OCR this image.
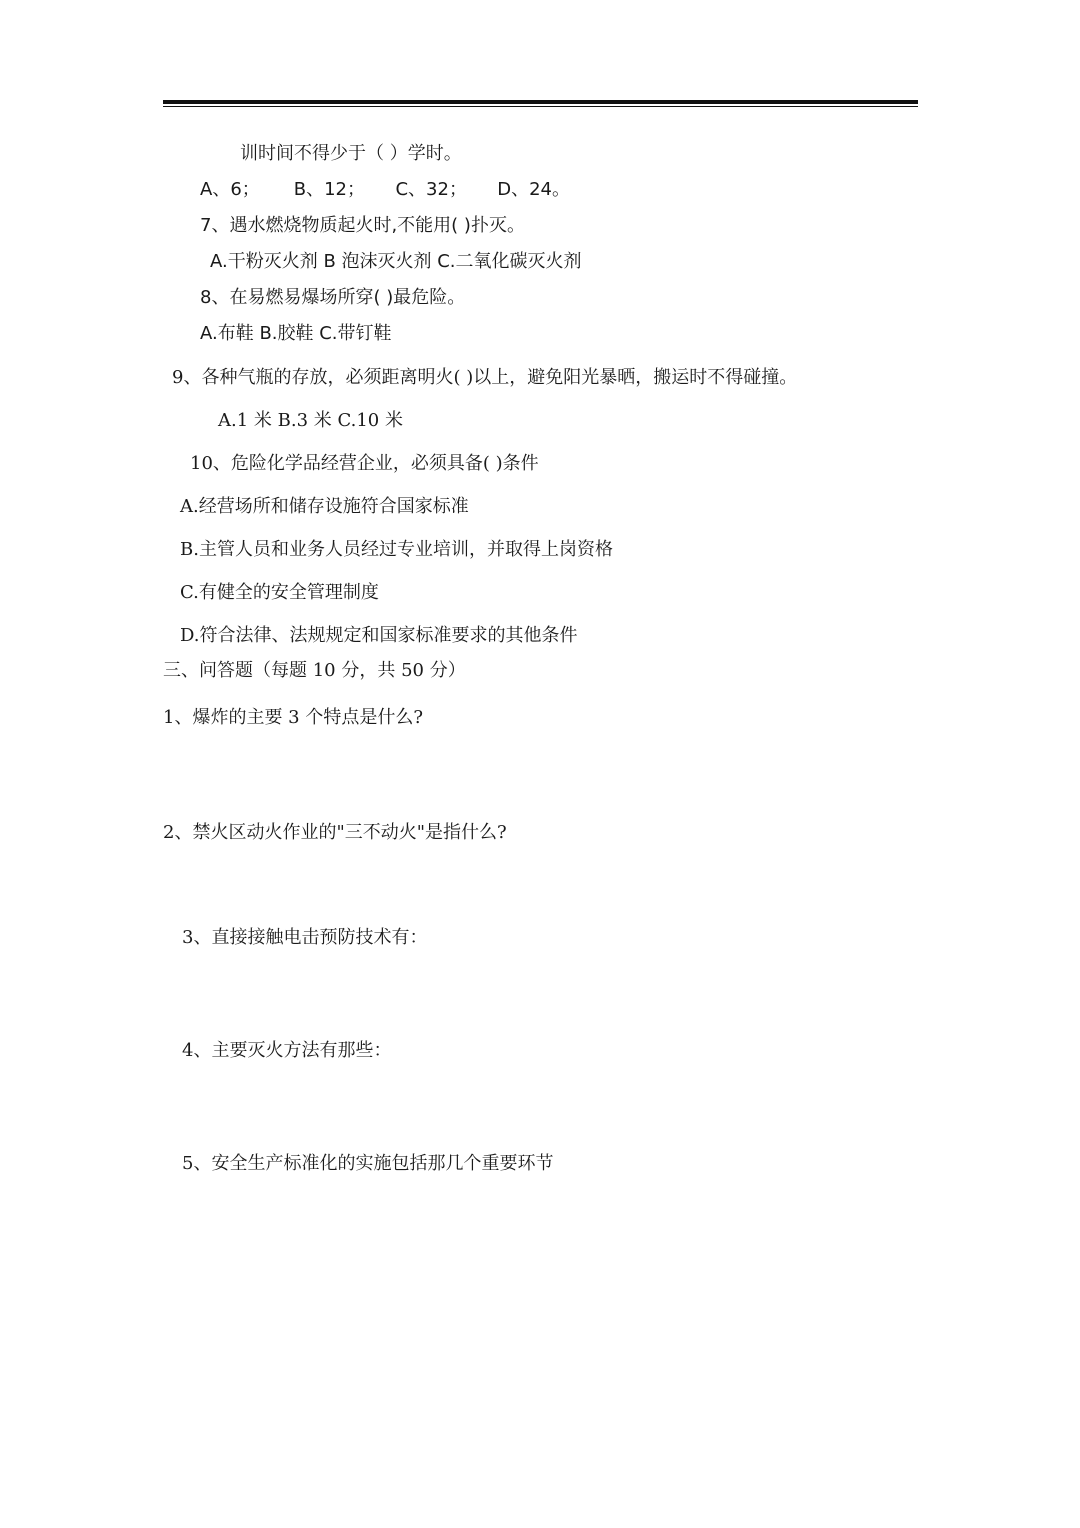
训时间不得少于（ ）学时。
A、6； B、12； C、32； D、24。
7、遇水燃烧物质起火时,不能用( )扑灭。
A.干粉灭火剂 B 泡沫灭火剂 C.二氧化碳灭火剂
8、在易燃易爆场所穿( )最危险。
A.布鞋 B.胶鞋 C.带钉鞋
9、各种气瓶的存放，必须距离明火( )以上，避免阳光暴晒，搬运时不得碰撞。
A.1 米 B.3 米 C.10 米
10、危险化学品经营企业，必须具备( )条件
A.经营场所和储存设施符合国家标准
B.主管人员和业务人员经过专业培训，并取得上岗资格
C.有健全的安全管理制度
D.符合法律、法规规定和国家标准要求的其他条件
三、问答题（每题 10 分，共 50 分）
1、爆炸的主要 3 个特点是什么?
2、禁火区动火作业的"三不动火"是指什么?
3、直接接触电击预防技术有：
4、主要灭火方法有那些：
5、安全生产标准化的实施包括那几个重要环节
